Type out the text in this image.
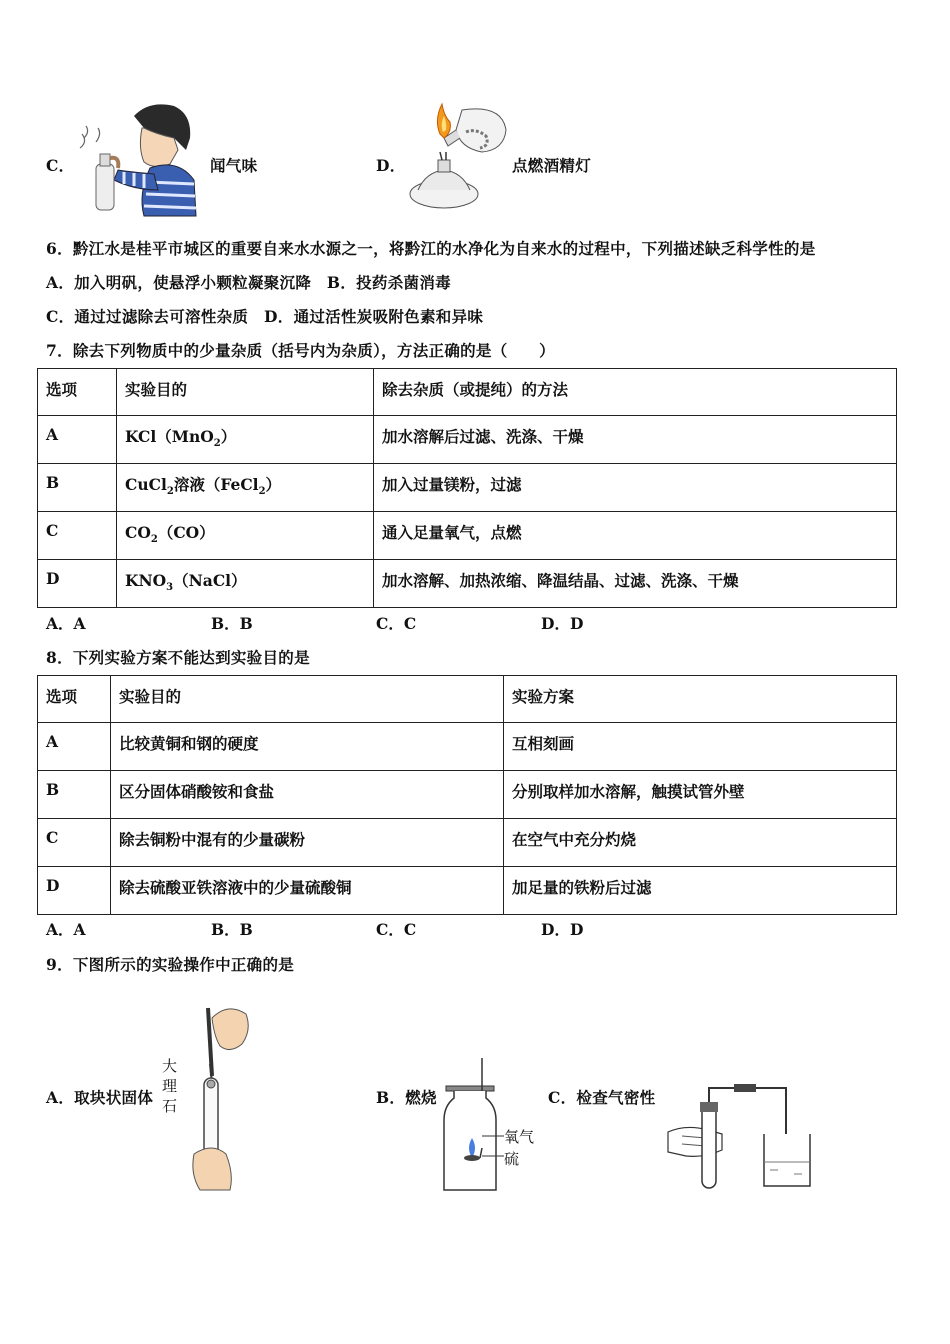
C．	闻气味	D．	点燃酒精灯
6．黔江水是桂平市城区的重要自来水水源之一，将黔江的水净化为自来水的过程中，下列描述缺乏科学性的是
A．加入明矾，使悬浮小颗粒凝聚沉降　B．投药杀菌消毒
C．通过过滤除去可溶性杂质　D．通过活性炭吸附色素和异味
7．除去下列物质中的少量杂质（括号内为杂质），方法正确的是（　　）
选项	实验目的	除去杂质（或提纯）的方法
A	KCl（MnO$_2$）	加水溶解后过滤、洗涤、干燥
B	CuCl$_2$溶液（FeCl$_2$）	加入过量镁粉，过滤
C	$CO_2(CO)$	通入足量氧气，点燃
D	$KNO_3(NaCl)$	加水溶解、加热浓缩、降温结晶、过滤、洗涤、干燥
A．A	B．B	C．C	D．D
8．下列实验方案不能达到实验目的是
选项	实验目的	实验方案
A	比较黄铜和钢的硬度	互相刻画
B	区分固体硝酸铵和食盐	分别取样加水溶解，触摸试管外壁
C	除去铜粉中混有的少量碳粉	在空气中充分灼烧
D	除去硫酸亚铁溶液中的少量硫酸铜	加足量的铁粉后过滤
A．A	B．B	C．C	D．D
9．下图所示的实验操作中正确的是
A．取块状固体
大
理
石	B．燃烧
氧气
硫
C．检查气密性
